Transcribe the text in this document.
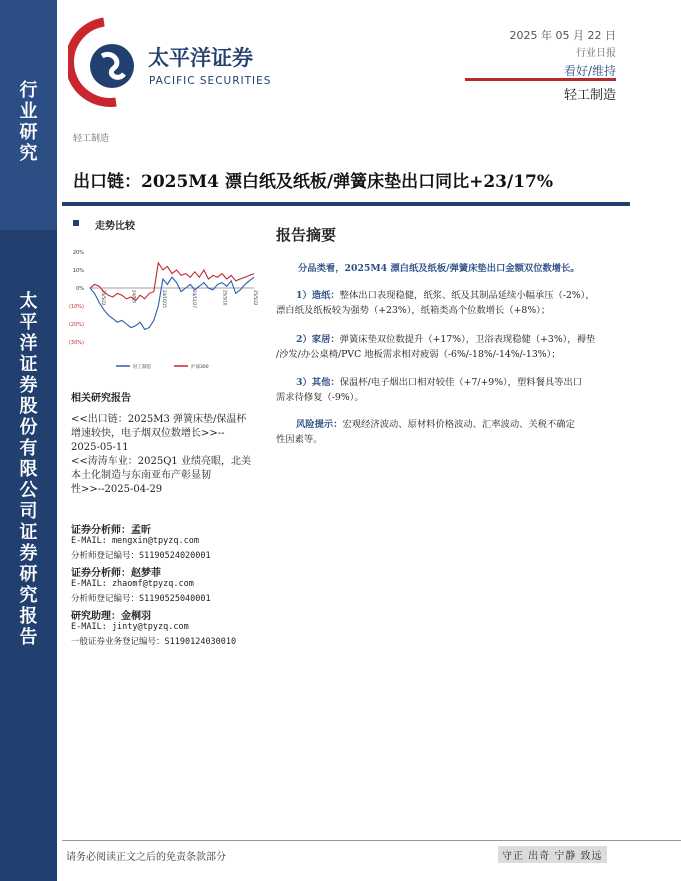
行
业
研
究
太
平
洋
证
券
股
份
有
限
公
司
证
券
研
究
报
告
太平洋证券
PACIFIC SECURITIES
2025 年 05 月 22 日
行业日报
看好/维持
轻工制造
轻工制造
出口链：2025M4 漂白纸及纸板/弹簧床垫出口同比+23/17%
走势比较
20%
10%
0%
(10%)
(20%)
(30%)
24/5/22	24/8/3	24/10/15	24/12/27	25/3/10	25/5/22
轻工制造	沪深300
相关研究报告
<<出口链：2025M3 弹簧床垫/保温杯
增速较快，电子烟双位数增长>>--
2025-05-11
<<涛涛车业：2025Q1 业绩亮眼，北美
本土化制造与东南亚布产彰显韧
性>>--2025-04-29
证券分析师：孟昕
E-MAIL: mengxin@tpyzq.com
分析师登记编号：S1190524020001
证券分析师：赵梦菲
E-MAIL: zhaomf@tpyzq.com
分析师登记编号：S1190525040001
研究助理：金桐羽
E-MAIL: jinty@tpyzq.com
一般证券业务登记编号：S1190124030010
报告摘要
分品类看，2025M4 漂白纸及纸板/弹簧床垫出口金额双位数增长。
1）造纸：整体出口表现稳健，纸浆、纸及其制品延续小幅承压（-2%），
漂白纸及纸板较为强势（+23%），纸箱类高个位数增长（+8%）；
2）家居：弹簧床垫双位数提升（+17%），卫浴表现稳健（+3%），褥垫
/沙发/办公桌椅/PVC 地板需求相对疲弱（-6%/-18%/-14%/-13%）；
3）其他：保温杯/电子烟出口相对较佳（+7/+9%），塑料餐具等出口
需求待修复（-9%）。
风险提示：宏观经济波动、原材料价格波动、汇率波动、关税不确定
性因素等。
请务必阅读正文之后的免责条款部分	守正 出奇 宁静 致远
